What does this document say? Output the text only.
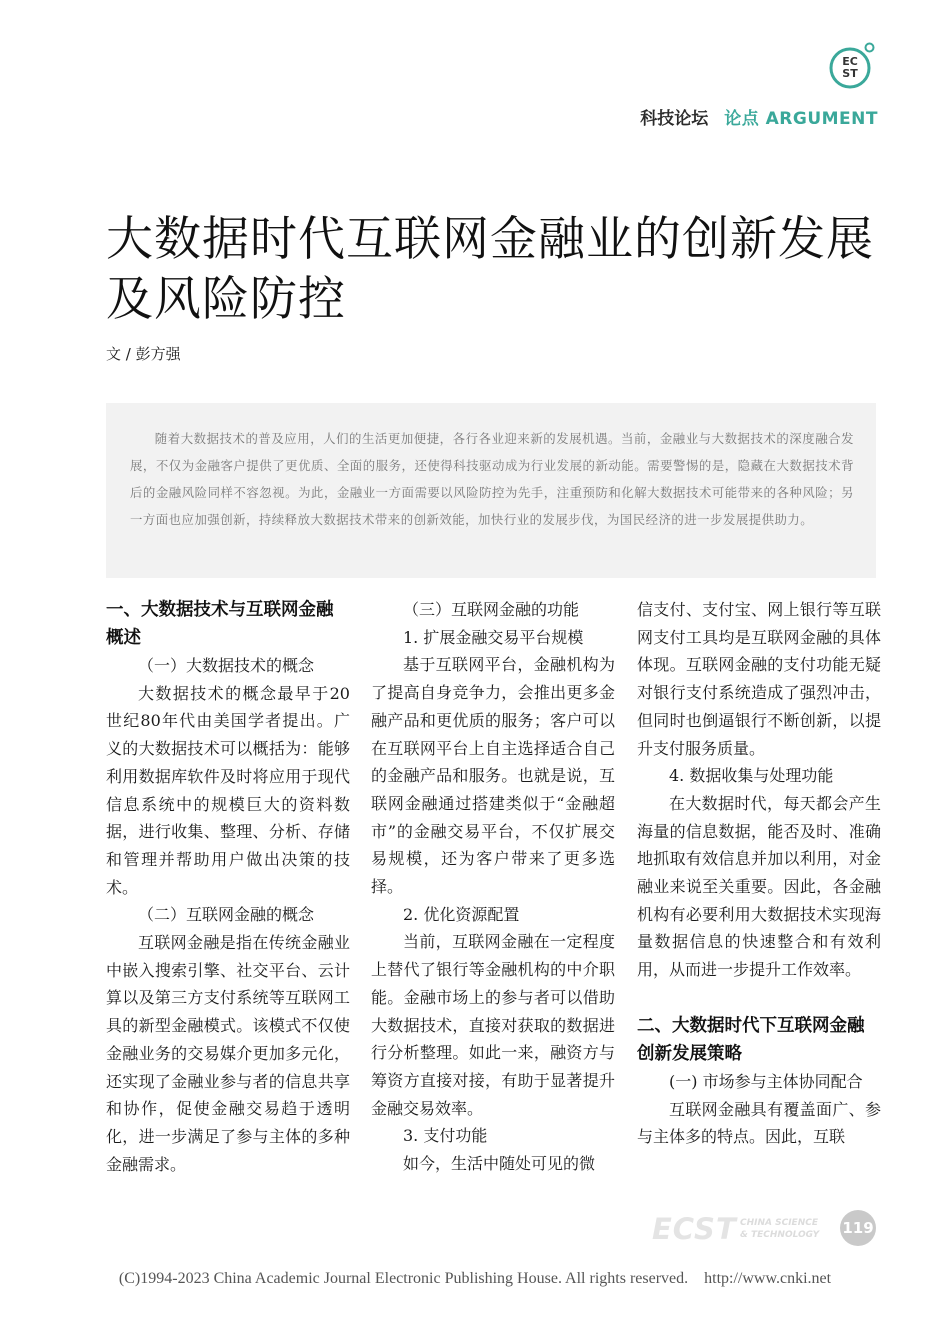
EC
ST
科技论坛 论点 ARGUMENT
大数据时代互联网金融业的创新发展
及风险防控
文 / 彭方强
随着大数据技术的普及应用，人们的生活更加便捷，各行各业迎来新的发展机遇。当前，金融业与大数据技术的深度融合发展，不仅为金融客户提供了更优质、全面的服务，还使得科技驱动成为行业发展的新动能。需要警惕的是，隐藏在大数据技术背后的金融风险同样不容忽视。为此，金融业一方面需要以风险防控为先手，注重预防和化解大数据技术可能带来的各种风险；另一方面也应加强创新，持续释放大数据技术带来的创新效能，加快行业的发展步伐，为国民经济的进一步发展提供助力。
一、大数据技术与互联网金融概述

（一）大数据技术的概念

大数据技术的概念最早于20世纪80年代由美国学者提出。广义的大数据技术可以概括为：能够利用数据库软件及时将应用于现代信息系统中的规模巨大的资料数据，进行收集、整理、分析、存储和管理并帮助用户做出决策的技术。

（二）互联网金融的概念

互联网金融是指在传统金融业中嵌入搜索引擎、社交平台、云计算以及第三方支付系统等互联网工具的新型金融模式。该模式不仅使金融业务的交易媒介更加多元化，还实现了金融业参与者的信息共享和协作，促使金融交易趋于透明化，进一步满足了参与主体的多种金融需求。

（三）互联网金融的功能

1. 扩展金融交易平台规模

基于互联网平台，金融机构为了提高自身竞争力，会推出更多金融产品和更优质的服务；客户可以在互联网平台上自主选择适合自己的金融产品和服务。也就是说，互联网金融通过搭建类似于“金融超市”的金融交易平台，不仅扩展交易规模，还为客户带来了更多选择。

2. 优化资源配置

当前，互联网金融在一定程度上替代了银行等金融机构的中介职能。金融市场上的参与者可以借助大数据技术，直接对获取的数据进行分析整理。如此一来，融资方与筹资方直接对接，有助于显著提升金融交易效率。

3. 支付功能

如今，生活中随处可见的微

信支付、支付宝、网上银行等互联网支付工具均是互联网金融的具体体现。互联网金融的支付功能无疑对银行支付系统造成了强烈冲击，但同时也倒逼银行不断创新，以提升支付服务质量。

4. 数据收集与处理功能

在大数据时代，每天都会产生海量的信息数据，能否及时、准确地抓取有效信息并加以利用，对金融业来说至关重要。因此，各金融机构有必要利用大数据技术实现海量数据信息的快速整合和有效利用，从而进一步提升工作效率。

二、大数据时代下互联网金融创新发展策略

(一) 市场参与主体协同配合

互联网金融具有覆盖面广、参与主体多的特点。因此，互联

ECST CHINA SCIENCE
& TECHNOLOGY 119
(C)1994-2023 China Academic Journal Electronic Publishing House. All rights reserved. http://www.cnki.net
